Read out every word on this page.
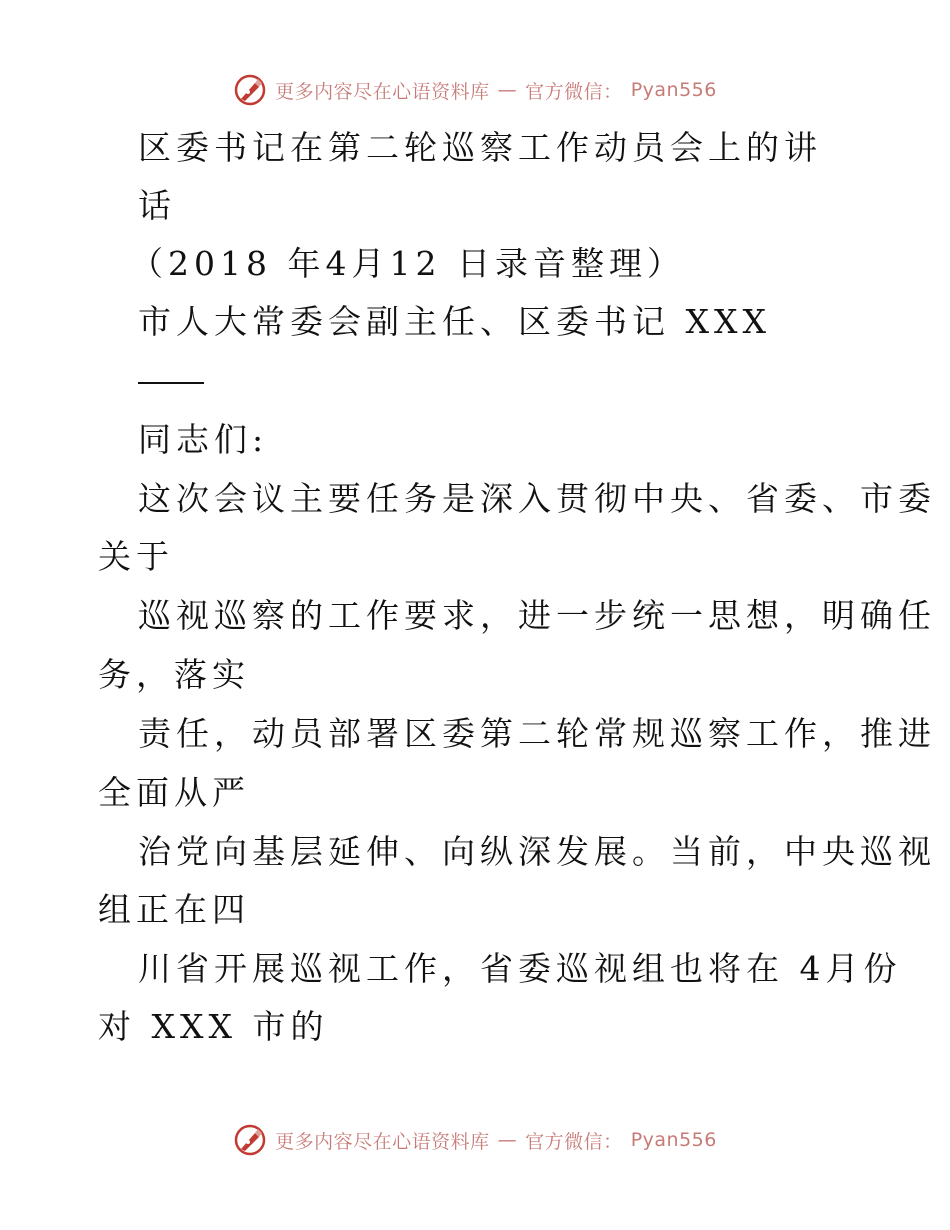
更多内容尽在心语资料库 — 官方微信： Pyan556
区委书记在第二轮巡察工作动员会上的讲
话
（2018 年4月12 日录音整理）
市人大常委会副主任、区委书记 XXX
同志们:
这次会议主要任务是深入贯彻中央、省委、市委
关于
巡视巡察的工作要求，进一步统一思想，明确任
务，落实
责任，动员部署区委第二轮常规巡察工作，推进
全面从严
治党向基层延伸、向纵深发展。当前，中央巡视
组正在四
川省开展巡视工作，省委巡视组也将在 4月份
对 XXX 市的
更多内容尽在心语资料库 — 官方微信： Pyan556
